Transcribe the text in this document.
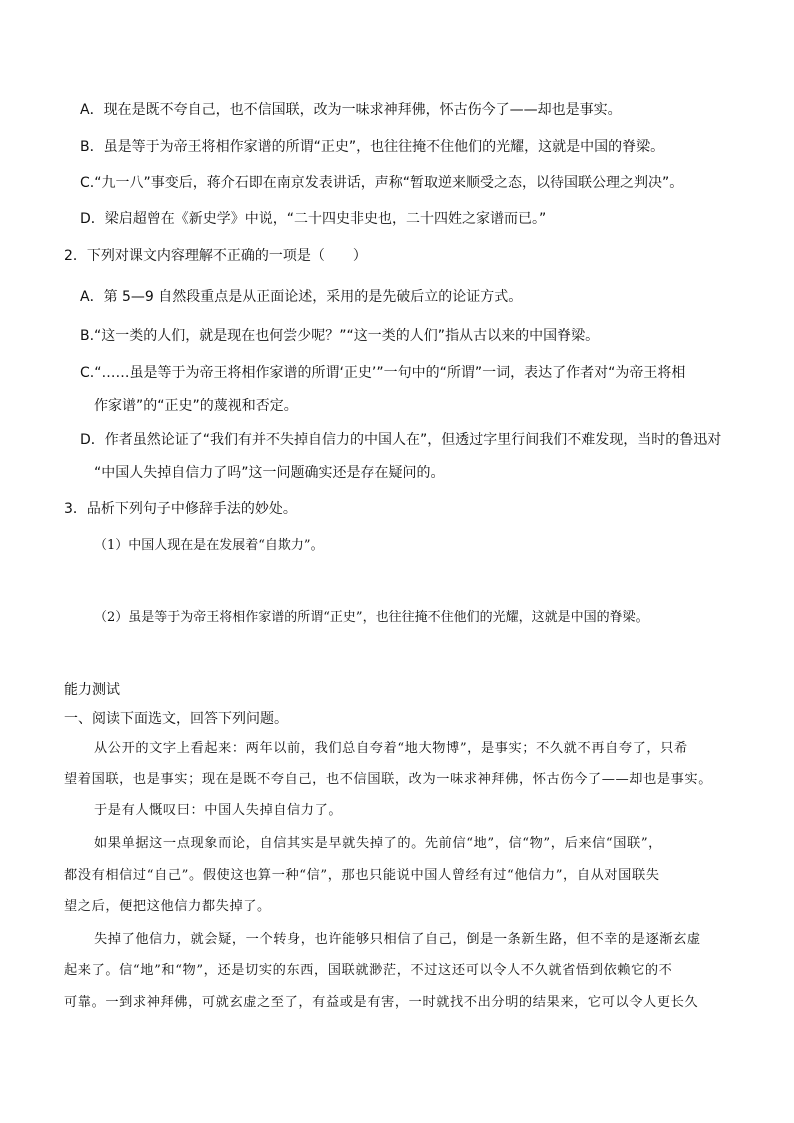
A．现在是既不夸自己，也不信国联，改为一味求神拜佛，怀古伤今了——却也是事实。
B．虽是等于为帝王将相作家谱的所谓“正史”，也往往掩不住他们的光耀，这就是中国的脊梁。
C.“九一八”事变后，蒋介石即在南京发表讲话，声称“暂取逆来顺受之态，以待国联公理之判决”。
D．梁启超曾在《新史学》中说，“二十四史非史也，二十四姓之家谱而已。”
2．下列对课文内容理解不正确的一项是（　　）
A．第 5—9 自然段重点是从正面论述，采用的是先破后立的论证方式。
B.“这一类的人们，就是现在也何尝少呢？”“这一类的人们”指从古以来的中国脊梁。
C.“……虽是等于为帝王将相作家谱的所谓‘正史’”一句中的“所谓”一词，表达了作者对“为帝王将相
作家谱”的“正史”的蔑视和否定。
D．作者虽然论证了“我们有并不失掉自信力的中国人在”，但透过字里行间我们不难发现，当时的鲁迅对
“中国人失掉自信力了吗”这一问题确实还是存在疑问的。
3．品析下列句子中修辞手法的妙处。
（1）中国人现在是在发展着“自欺力”。
（2）虽是等于为帝王将相作家谱的所谓“正史”，也往往掩不住他们的光耀，这就是中国的脊梁。
能力测试
一、阅读下面选文，回答下列问题。
从公开的文字上看起来：两年以前，我们总自夸着“地大物博”，是事实；不久就不再自夸了，只希
望着国联，也是事实；现在是既不夸自己，也不信国联，改为一味求神拜佛，怀古伤今了——却也是事实。
于是有人慨叹曰：中国人失掉自信力了。
如果单据这一点现象而论，自信其实是早就失掉了的。先前信“地”，信“物”，后来信“国联”，
都没有相信过“自己”。假使这也算一种“信”，那也只能说中国人曾经有过“他信力”，自从对国联失
望之后，便把这他信力都失掉了。
失掉了他信力，就会疑，一个转身，也许能够只相信了自己，倒是一条新生路，但不幸的是逐渐玄虚
起来了。信“地”和“物”，还是切实的东西，国联就渺茫，不过这还可以令人不久就省悟到依赖它的不
可靠。一到求神拜佛，可就玄虚之至了，有益或是有害，一时就找不出分明的结果来，它可以令人更长久
